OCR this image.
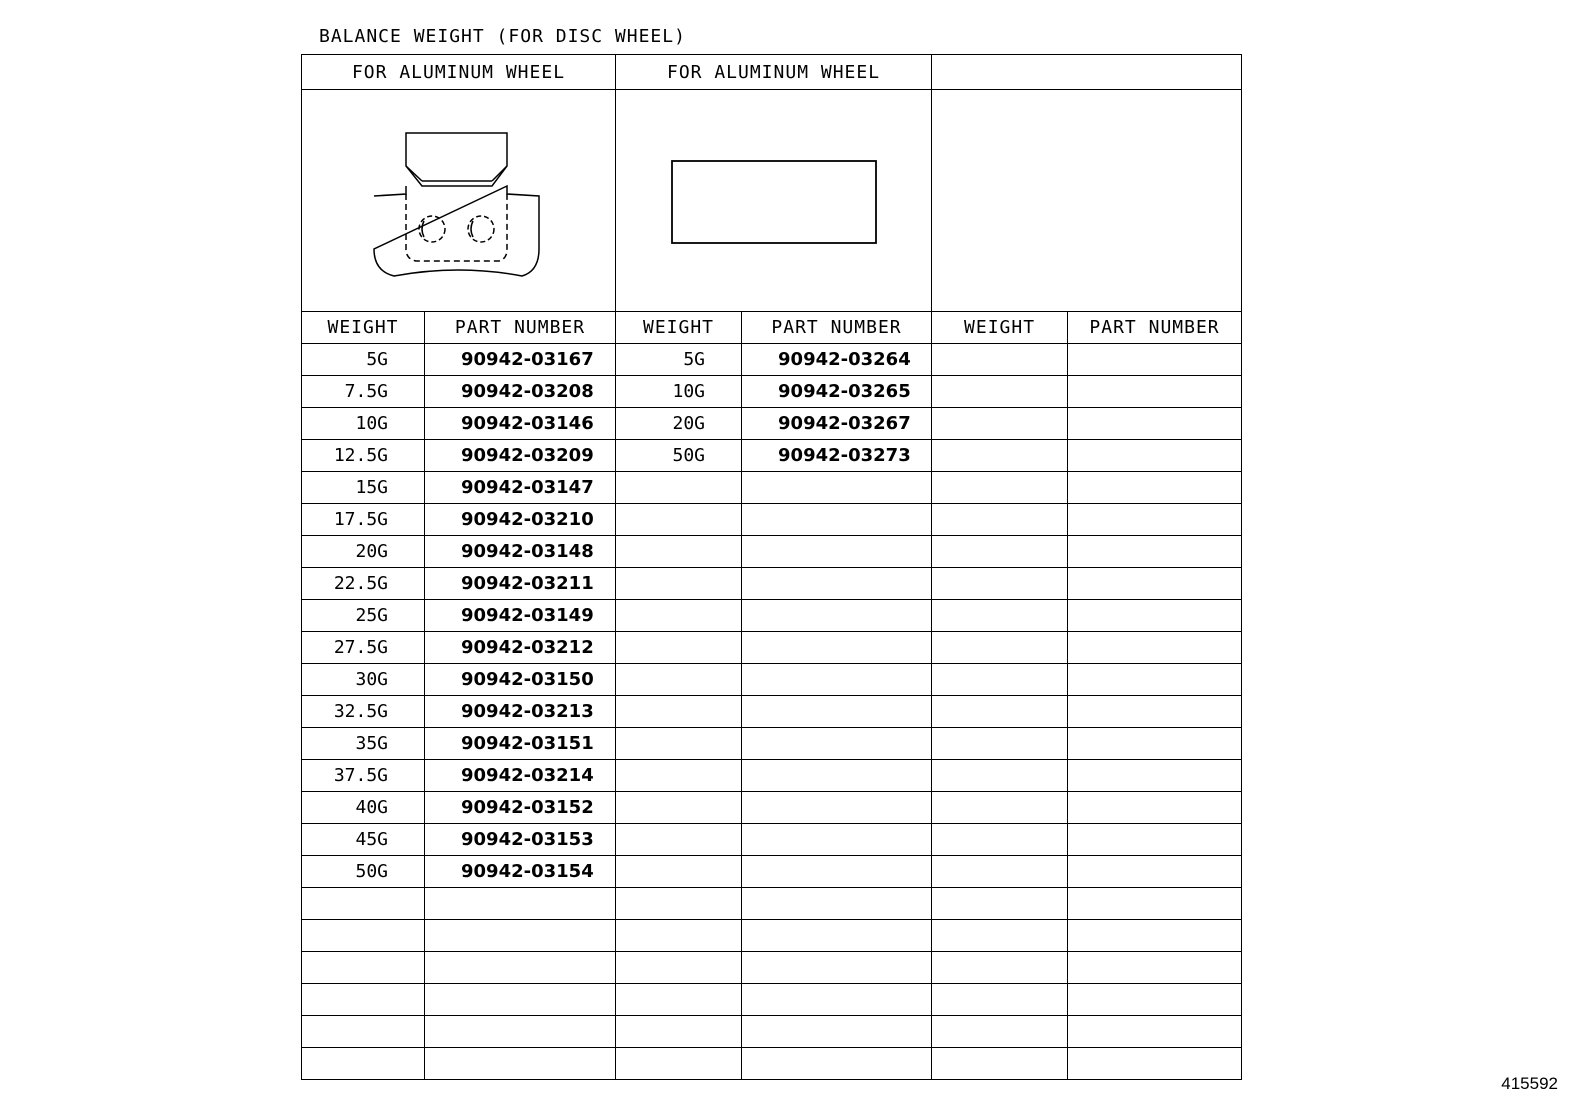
BALANCE WEIGHT (FOR DISC WHEEL)
FOR ALUMINUM WHEEL		FOR ALUMINUM WHEEL			

WEIGHT	PART NUMBER	WEIGHT	PART NUMBER	WEIGHT	PART NUMBER
5G	90942-03167	5G	90942-03264		
7.5G	90942-03208	10G	90942-03265		
10G	90942-03146	20G	90942-03267		
12.5G	90942-03209	50G	90942-03273		
15G	90942-03147				
17.5G	90942-03210				
20G	90942-03148				
22.5G	90942-03211				
25G	90942-03149				
27.5G	90942-03212				
30G	90942-03150				
32.5G	90942-03213				
35G	90942-03151				
37.5G	90942-03214				
40G	90942-03152				
45G	90942-03153				
50G	90942-03154				

415592
